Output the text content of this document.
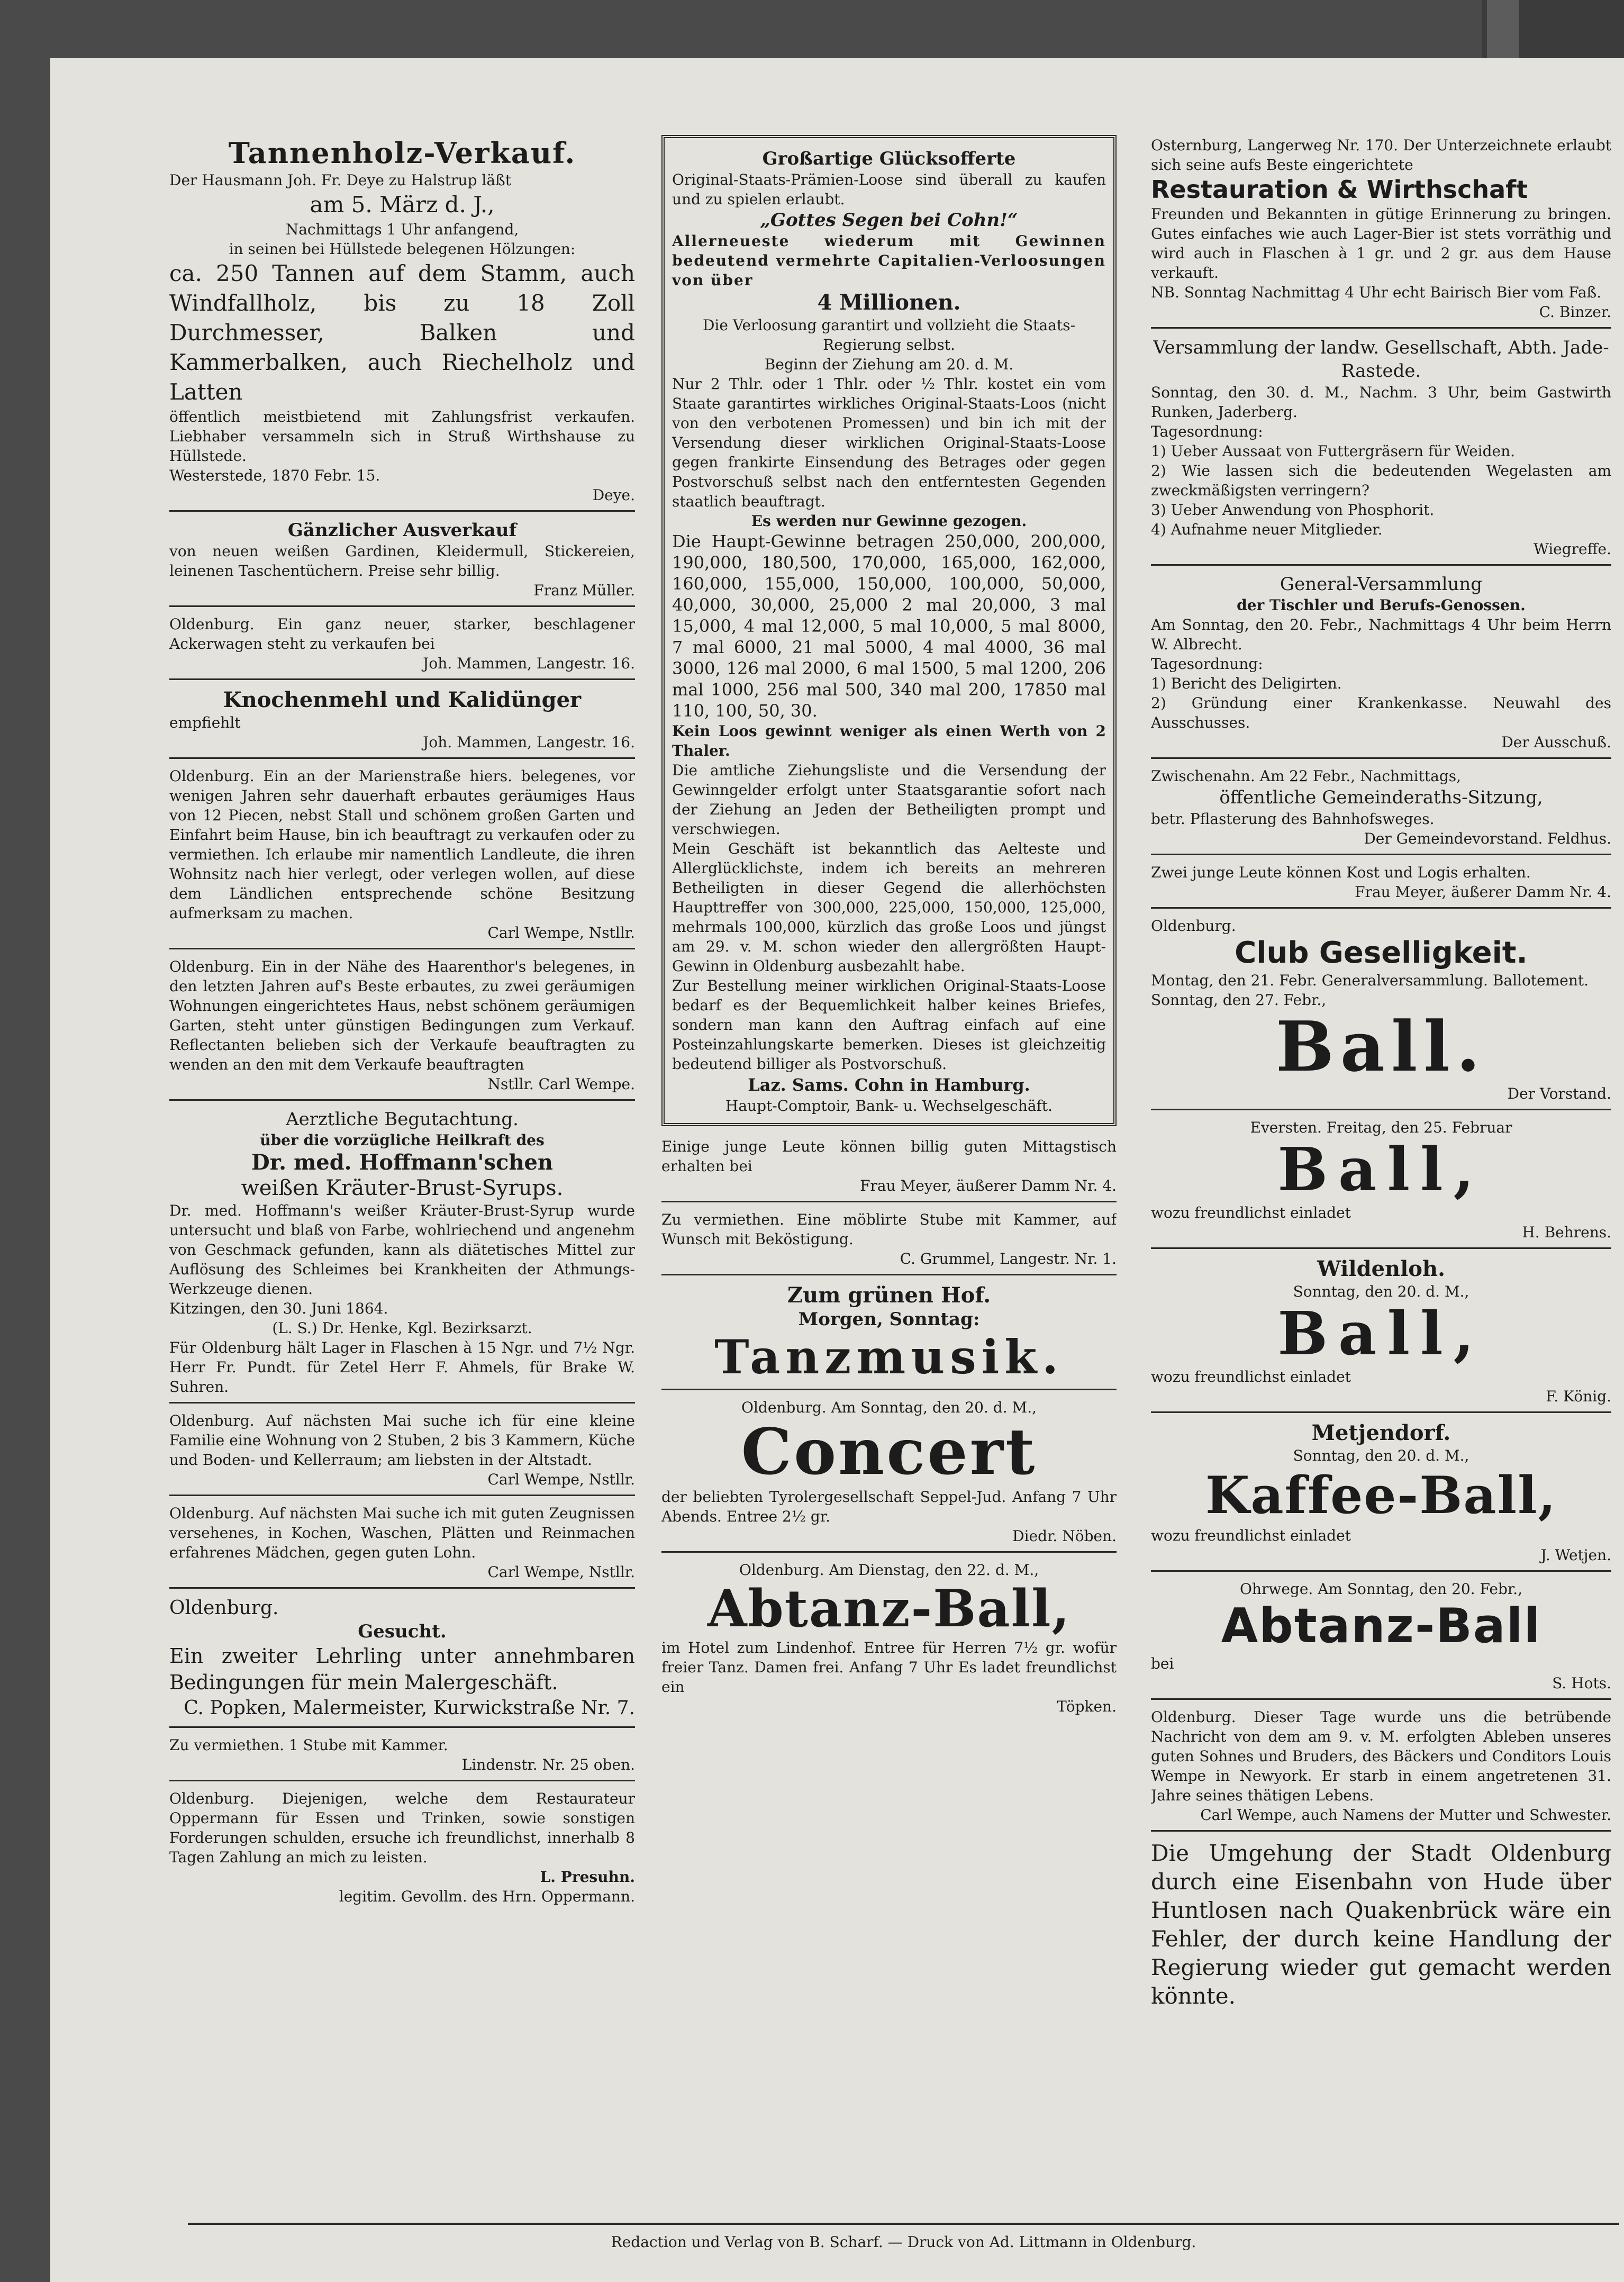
Tannenholz-Verkauf.

Der Hausmann Joh. Fr. Deye zu Halstrup läßt

am 5. März d. J.,

Nachmittags 1 Uhr anfangend,

in seinen bei Hüllstede belegenen Hölzungen:

ca. 250 Tannen auf dem Stamm, auch Windfallholz, bis zu 18 Zoll Durchmesser, Balken und Kammerbalken, auch Riechelholz und Latten

öffentlich meistbietend mit Zahlungsfrist verkaufen. Liebhaber versammeln sich in Struß Wirthshause zu Hüllstede.

Westerstede, 1870 Febr. 15.

Deye.

Gänzlicher Ausverkauf

von neuen weißen Gardinen, Kleidermull, Stickereien, leinenen Taschentüchern. Preise sehr billig.

Franz Müller.

Oldenburg. Ein ganz neuer, starker, beschlagener Ackerwagen steht zu verkaufen bei

Joh. Mammen, Langestr. 16.

Knochenmehl und Kalidünger

empfiehlt

Joh. Mammen, Langestr. 16.

Oldenburg. Ein an der Marienstraße hiers. belegenes, vor wenigen Jahren sehr dauerhaft erbautes geräumiges Haus von 12 Piecen, nebst Stall und schönem großen Garten und Einfahrt beim Hause, bin ich beauftragt zu verkaufen oder zu vermiethen. Ich erlaube mir namentlich Landleute, die ihren Wohnsitz nach hier verlegt, oder verlegen wollen, auf diese dem Ländlichen entsprechende schöne Besitzung aufmerksam zu machen.

Carl Wempe, Nstllr.

Oldenburg. Ein in der Nähe des Haarenthor's belegenes, in den letzten Jahren auf's Beste erbautes, zu zwei geräumigen Wohnungen eingerichtetes Haus, nebst schönem geräumigen Garten, steht unter günstigen Bedingungen zum Verkauf. Reflectanten belieben sich der Verkaufe beauftragten zu wenden an den mit dem Verkaufe beauftragten

Nstllr. Carl Wempe.

Aerztliche Begutachtung.

über die vorzügliche Heilkraft des

Dr. med. Hoffmann'schen

weißen Kräuter-Brust-Syrups.

Dr. med. Hoffmann's weißer Kräuter-Brust-Syrup wurde untersucht und blaß von Farbe, wohlriechend und angenehm von Geschmack gefunden, kann als diätetisches Mittel zur Auflösung des Schleimes bei Krankheiten der Athmungs-Werkzeuge dienen.

Kitzingen, den 30. Juni 1864.

(L. S.) Dr. Henke, Kgl. Bezirksarzt.

Für Oldenburg hält Lager in Flaschen à 15 Ngr. und 7½ Ngr. Herr Fr. Pundt. für Zetel Herr F. Ahmels, für Brake W. Suhren.

Oldenburg. Auf nächsten Mai suche ich für eine kleine Familie eine Wohnung von 2 Stuben, 2 bis 3 Kammern, Küche und Boden- und Kellerraum; am liebsten in der Altstadt.

Carl Wempe, Nstllr.

Oldenburg. Auf nächsten Mai suche ich mit guten Zeugnissen versehenes, in Kochen, Waschen, Plätten und Reinmachen erfahrenes Mädchen, gegen guten Lohn.

Carl Wempe, Nstllr.

Oldenburg.

Gesucht.

Ein zweiter Lehrling unter annehmbaren Bedingungen für mein Malergeschäft.

C. Popken, Malermeister, Kurwickstraße Nr. 7.

Zu vermiethen. 1 Stube mit Kammer.

Lindenstr. Nr. 25 oben.

Oldenburg. Diejenigen, welche dem Restaurateur Oppermann für Essen und Trinken, sowie sonstigen Forderungen schulden, ersuche ich freundlichst, innerhalb 8 Tagen Zahlung an mich zu leisten.

L. Presuhn.

legitim. Gevollm. des Hrn. Oppermann.

Großartige Glücksofferte

Original-Staats-Prämien-Loose sind überall zu kaufen und zu spielen erlaubt.

„Gottes Segen bei Cohn!“

Allerneueste wiederum mit Gewinnen bedeutend vermehrte Capitalien-Verloosungen von über

4 Millionen.

Die Verloosung garantirt und vollzieht die Staats-Regierung selbst.

Beginn der Ziehung am 20. d. M.

Nur 2 Thlr. oder 1 Thlr. oder ½ Thlr. kostet ein vom Staate garantirtes wirkliches Original-Staats-Loos (nicht von den verbotenen Promessen) und bin ich mit der Versendung dieser wirklichen Original-Staats-Loose gegen frankirte Einsendung des Betrages oder gegen Postvorschuß selbst nach den entferntesten Gegenden staatlich beauftragt.

Es werden nur Gewinne gezogen.

Die Haupt-Gewinne betragen 250,000, 200,000, 190,000, 180,500, 170,000, 165,000, 162,000, 160,000, 155,000, 150,000, 100,000, 50,000, 40,000, 30,000, 25,000 2 mal 20,000, 3 mal 15,000, 4 mal 12,000, 5 mal 10,000, 5 mal 8000, 7 mal 6000, 21 mal 5000, 4 mal 4000, 36 mal 3000, 126 mal 2000, 6 mal 1500, 5 mal 1200, 206 mal 1000, 256 mal 500, 340 mal 200, 17850 mal 110, 100, 50, 30.

Kein Loos gewinnt weniger als einen Werth von 2 Thaler.

Die amtliche Ziehungsliste und die Versendung der Gewinngelder erfolgt unter Staatsgarantie sofort nach der Ziehung an Jeden der Betheiligten prompt und verschwiegen.

Mein Geschäft ist bekanntlich das Aelteste und Allerglücklichste, indem ich bereits an mehreren Betheiligten in dieser Gegend die allerhöchsten Haupttreffer von 300,000, 225,000, 150,000, 125,000, mehrmals 100,000, kürzlich das große Loos und jüngst am 29. v. M. schon wieder den allergrößten Haupt-Gewinn in Oldenburg ausbezahlt habe.

Zur Bestellung meiner wirklichen Original-Staats-Loose bedarf es der Bequemlichkeit halber keines Briefes, sondern man kann den Auftrag einfach auf eine Posteinzahlungskarte bemerken. Dieses ist gleichzeitig bedeutend billiger als Postvorschuß.

Laz. Sams. Cohn in Hamburg.

Haupt-Comptoir, Bank- u. Wechselgeschäft.

Einige junge Leute können billig guten Mittagstisch erhalten bei

Frau Meyer, äußerer Damm Nr. 4.

Zu vermiethen. Eine möblirte Stube mit Kammer, auf Wunsch mit Beköstigung.

C. Grummel, Langestr. Nr. 1.

Zum grünen Hof.

Morgen, Sonntag:

Tanzmusik.

Oldenburg. Am Sonntag, den 20. d. M.,

Concert

der beliebten Tyrolergesellschaft Seppel-Jud. Anfang 7 Uhr Abends. Entree 2½ gr.

Diedr. Nöben.

Oldenburg. Am Dienstag, den 22. d. M.,

Abtanz-Ball,

im Hotel zum Lindenhof. Entree für Herren 7½ gr. wofür freier Tanz. Damen frei. Anfang 7 Uhr Es ladet freundlichst ein

Töpken.

Osternburg, Langerweg Nr. 170. Der Unterzeichnete erlaubt sich seine aufs Beste eingerichtete

Restauration & Wirthschaft

Freunden und Bekannten in gütige Erinnerung zu bringen. Gutes einfaches wie auch Lager-Bier ist stets vorräthig und wird auch in Flaschen à 1 gr. und 2 gr. aus dem Hause verkauft.

NB. Sonntag Nachmittag 4 Uhr echt Bairisch Bier vom Faß.

C. Binzer.

Versammlung der landw. Gesellschaft, Abth. Jade-Rastede.

Sonntag, den 30. d. M., Nachm. 3 Uhr, beim Gastwirth Runken, Jaderberg.

Tagesordnung:

1) Ueber Aussaat von Futtergräsern für Weiden.

2) Wie lassen sich die bedeutenden Wegelasten am zweckmäßigsten verringern?

3) Ueber Anwendung von Phosphorit.

4) Aufnahme neuer Mitglieder.

Wiegreffe.

General-Versammlung

der Tischler und Berufs-Genossen.

Am Sonntag, den 20. Febr., Nachmittags 4 Uhr beim Herrn W. Albrecht.

Tagesordnung:

1) Bericht des Deligirten.

2) Gründung einer Krankenkasse. Neuwahl des Ausschusses.

Der Ausschuß.

Zwischenahn. Am 22 Febr., Nachmittags,

öffentliche Gemeinderaths-Sitzung,

betr. Pflasterung des Bahnhofsweges.

Der Gemeindevorstand. Feldhus.

Zwei junge Leute können Kost und Logis erhalten.

Frau Meyer, äußerer Damm Nr. 4.

Oldenburg.

Club Geselligkeit.

Montag, den 21. Febr. Generalversammlung. Ballotement.

Sonntag, den 27. Febr.,

Ball.

Der Vorstand.

Eversten. Freitag, den 25. Februar

Ball,

wozu freundlichst einladet

H. Behrens.

Wildenloh.

Sonntag, den 20. d. M.,

Ball,

wozu freundlichst einladet

F. König.

Metjendorf.

Sonntag, den 20. d. M.,

Kaffee-Ball,

wozu freundlichst einladet

J. Wetjen.

Ohrwege. Am Sonntag, den 20. Febr.,

Abtanz-Ball

bei

S. Hots.

Oldenburg. Dieser Tage wurde uns die betrübende Nachricht von dem am 9. v. M. erfolgten Ableben unseres guten Sohnes und Bruders, des Bäckers und Conditors Louis Wempe in Newyork. Er starb in einem angetretenen 31. Jahre seines thätigen Lebens.

Carl Wempe, auch Namens der Mutter und Schwester.

Die Umgehung der Stadt Oldenburg durch eine Eisenbahn von Hude über Huntlosen nach Quakenbrück wäre ein Fehler, der durch keine Handlung der Regierung wieder gut gemacht werden könnte.

Redaction und Verlag von B. Scharf. — Druck von Ad. Littmann in Oldenburg.
